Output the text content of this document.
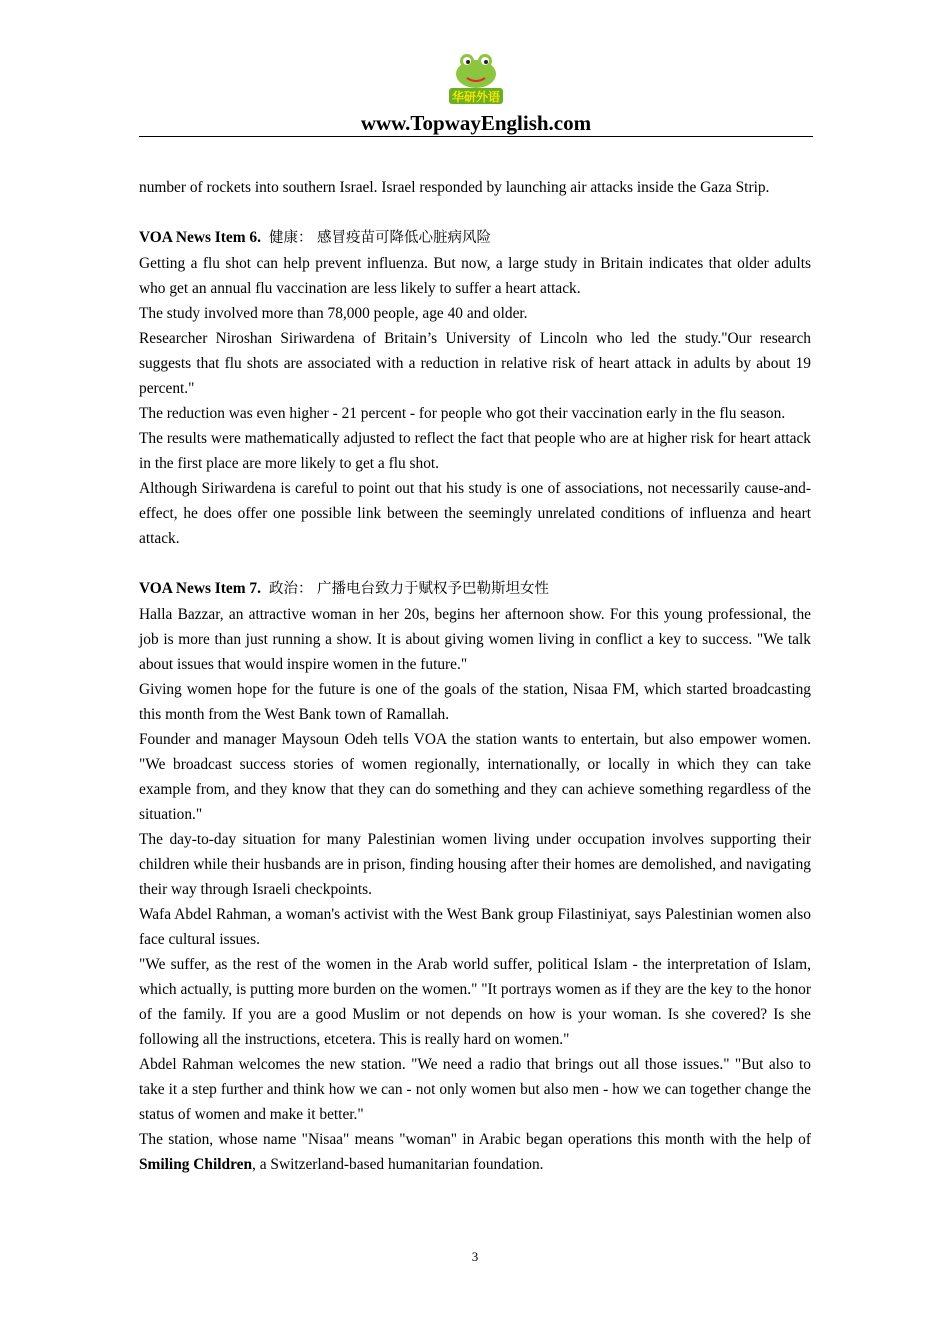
华研外语
www.TopwayEnglish.com

number of rockets into southern Israel. Israel responded by launching air attacks inside the Gaza Strip.

VOA News Item 6. 健康： 感冒疫苗可降低心脏病风险

Getting a flu shot can help prevent influenza. But now, a large study in Britain indicates that older adults who get an annual flu vaccination are less likely to suffer a heart attack.

The study involved more than 78,000 people, age 40 and older.

Researcher Niroshan Siriwardena of Britain’s University of Lincoln who led the study."Our research suggests that flu shots are associated with a reduction in relative risk of heart attack in adults by about 19 percent."

The reduction was even higher - 21 percent - for people who got their vaccination early in the flu season.

The results were mathematically adjusted to reflect the fact that people who are at higher risk for heart attack in the first place are more likely to get a flu shot.

Although Siriwardena is careful to point out that his study is one of associations, not necessarily cause-and-effect, he does offer one possible link between the seemingly unrelated conditions of influenza and heart attack.

VOA News Item 7. 政治： 广播电台致力于赋权予巴勒斯坦女性

Halla Bazzar, an attractive woman in her 20s, begins her afternoon show. For this young professional, the job is more than just running a show. It is about giving women living in conflict a key to success. "We talk about issues that would inspire women in the future."

Giving women hope for the future is one of the goals of the station, Nisaa FM, which started broadcasting this month from the West Bank town of Ramallah.

Founder and manager Maysoun Odeh tells VOA the station wants to entertain, but also empower women. "We broadcast success stories of women regionally, internationally, or locally in which they can take example from, and they know that they can do something and they can achieve something regardless of the situation."

The day-to-day situation for many Palestinian women living under occupation involves supporting their children while their husbands are in prison, finding housing after their homes are demolished, and navigating their way through Israeli checkpoints.

Wafa Abdel Rahman, a woman's activist with the West Bank group Filastiniyat, says Palestinian women also face cultural issues.

"We suffer, as the rest of the women in the Arab world suffer, political Islam - the interpretation of Islam, which actually, is putting more burden on the women." "It portrays women as if they are the key to the honor of the family. If you are a good Muslim or not depends on how is your woman. Is she covered? Is she following all the instructions, etcetera. This is really hard on women."

Abdel Rahman welcomes the new station. "We need a radio that brings out all those issues." "But also to take it a step further and think how we can - not only women but also men - how we can together change the status of women and make it better."

The station, whose name "Nisaa" means "woman" in Arabic began operations this month with the help of Smiling Children, a Switzerland-based humanitarian foundation.

3
